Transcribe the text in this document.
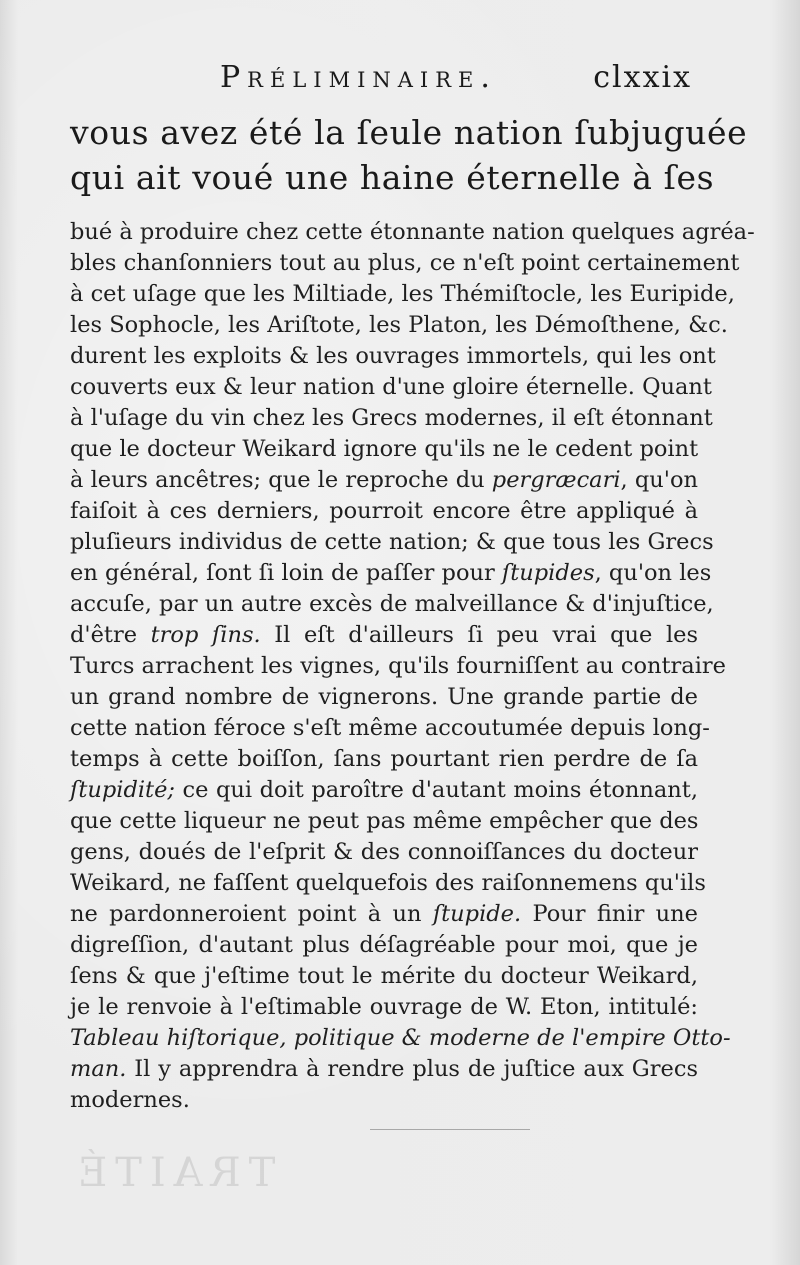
TRAITÉ
Préliminaire.	clxxix
vous avez été la ſeule nation ſubjuguée
qui ait voué une haine éternelle à ſes
bué à produire chez cette étonnante nation quelques agréa-
bles chanſonniers tout au plus, ce n'eſt point certainement
à cet uſage que les Miltiade, les Thémiſtocle, les Euripide,
les Sophocle, les Ariſtote, les Platon, les Démoſthene, &c.
durent les exploits & les ouvrages immortels, qui les ont
couverts eux & leur nation d'une gloire éternelle. Quant
à l'uſage du vin chez les Grecs modernes, il eſt étonnant
que le docteur Weikard ignore qu'ils ne le cedent point
à leurs ancêtres; que le reproche du pergræcari, qu'on
faiſoit à ces derniers, pourroit encore être appliqué à
pluſieurs individus de cette nation; & que tous les Grecs
en général, ſont ſi loin de paſſer pour ſtupides, qu'on les
accuſe, par un autre excès de malveillance & d'injuſtice,
d'être trop ſins. Il eſt d'ailleurs ſi peu vrai que les
Turcs arrachent les vignes, qu'ils fourniſſent au contraire
un grand nombre de vignerons. Une grande partie de
cette nation féroce s'eſt même accoutumée depuis long-
temps à cette boiſſon, ſans pourtant rien perdre de ſa
ſtupidité; ce qui doit paroître d'autant moins étonnant,
que cette liqueur ne peut pas même empêcher que des
gens, doués de l'eſprit & des connoiſſances du docteur
Weikard, ne faſſent quelquefois des raiſonnemens qu'ils
ne pardonneroient point à un ſtupide. Pour finir une
digreſſion, d'autant plus déſagréable pour moi, que je
ſens & que j'eſtime tout le mérite du docteur Weikard,
je le renvoie à l'eſtimable ouvrage de W. Eton, intitulé:
Tableau hiſtorique, politique & moderne de l'empire Otto-
man. Il y apprendra à rendre plus de juſtice aux Grecs
modernes.
